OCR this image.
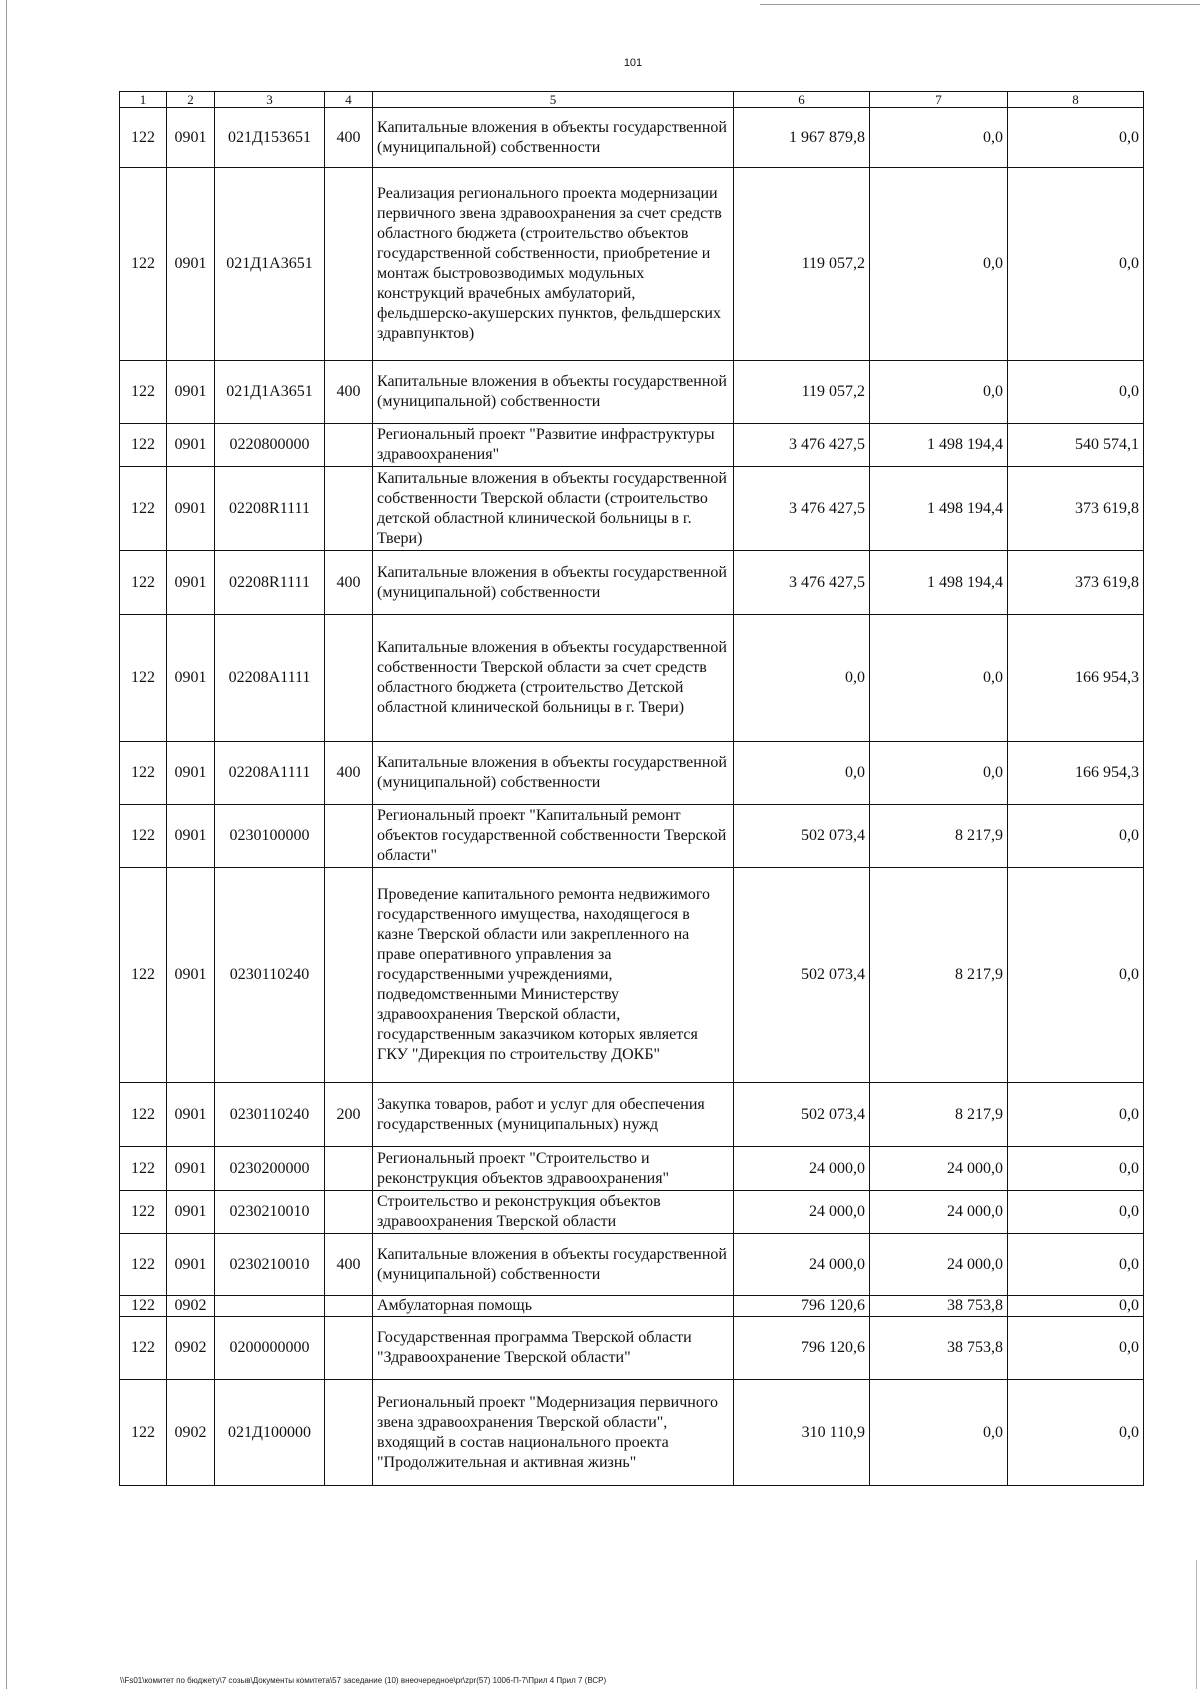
101
1	2	3	4	5	6	7	8
122	0901	021Д153651	400	Капитальные вложения в объекты государственной (муниципальной) собственности	1 967 879,8	0,0	0,0
122	0901	021Д1А3651		Реализация регионального проекта модернизации первичного звена здравоохранения за счет средств областного бюджета (строительство объектов государственной собственности, приобретение и монтаж быстровозводимых модульных конструкций врачебных амбулаторий, фельдшерско-акушерских пунктов, фельдшерских здравпунктов)	119 057,2	0,0	0,0
122	0901	021Д1А3651	400	Капитальные вложения в объекты государственной (муниципальной) собственности	119 057,2	0,0	0,0
122	0901	0220800000		Региональный проект "Развитие инфраструктуры здравоохранения"	3 476 427,5	1 498 194,4	540 574,1
122	0901	02208R1111		Капитальные вложения в объекты государственной собственности Тверской области (строительство детской областной клинической больницы в г. Твери)	3 476 427,5	1 498 194,4	373 619,8
122	0901	02208R1111	400	Капитальные вложения в объекты государственной (муниципальной) собственности	3 476 427,5	1 498 194,4	373 619,8
122	0901	02208A1111		Капитальные вложения в объекты государственной собственности Тверской области за счет средств областного бюджета (строительство Детской областной клинической больницы в г. Твери)	0,0	0,0	166 954,3
122	0901	02208A1111	400	Капитальные вложения в объекты государственной (муниципальной) собственности	0,0	0,0	166 954,3
122	0901	0230100000		Региональный проект "Капитальный ремонт объектов государственной собственности Тверской области"	502 073,4	8 217,9	0,0
122	0901	0230110240		Проведение капитального ремонта недвижимого государственного имущества, находящегося в казне Тверской области или закрепленного на праве оперативного управления за государственными учреждениями, подведомственными Министерству здравоохранения Тверской области, государственным заказчиком которых является ГКУ "Дирекция по строительству ДОКБ"	502 073,4	8 217,9	0,0
122	0901	0230110240	200	Закупка товаров, работ и услуг для обеспечения государственных (муниципальных) нужд	502 073,4	8 217,9	0,0
122	0901	0230200000		Региональный проект "Строительство и реконструкция объектов здравоохранения"	24 000,0	24 000,0	0,0
122	0901	0230210010		Строительство и реконструкция объектов здравоохранения Тверской области	24 000,0	24 000,0	0,0
122	0901	0230210010	400	Капитальные вложения в объекты государственной (муниципальной) собственности	24 000,0	24 000,0	0,0
122	0902			Амбулаторная помощь	796 120,6	38 753,8	0,0
122	0902	0200000000		Государственная программа Тверской области "Здравоохранение Тверской области"	796 120,6	38 753,8	0,0
122	0902	021Д100000		Региональный проект "Модернизация первичного звена здравоохранения Тверской области", входящий в состав национального проекта "Продолжительная и активная жизнь"	310 110,9	0,0	0,0
\\Fs01\комитет по бюджету\7 созыв\Документы комитета\57 заседание (10) внеочередное\pr\zpr(57) 1006-П-7\Прил 4 Прил 7 (ВСР)
